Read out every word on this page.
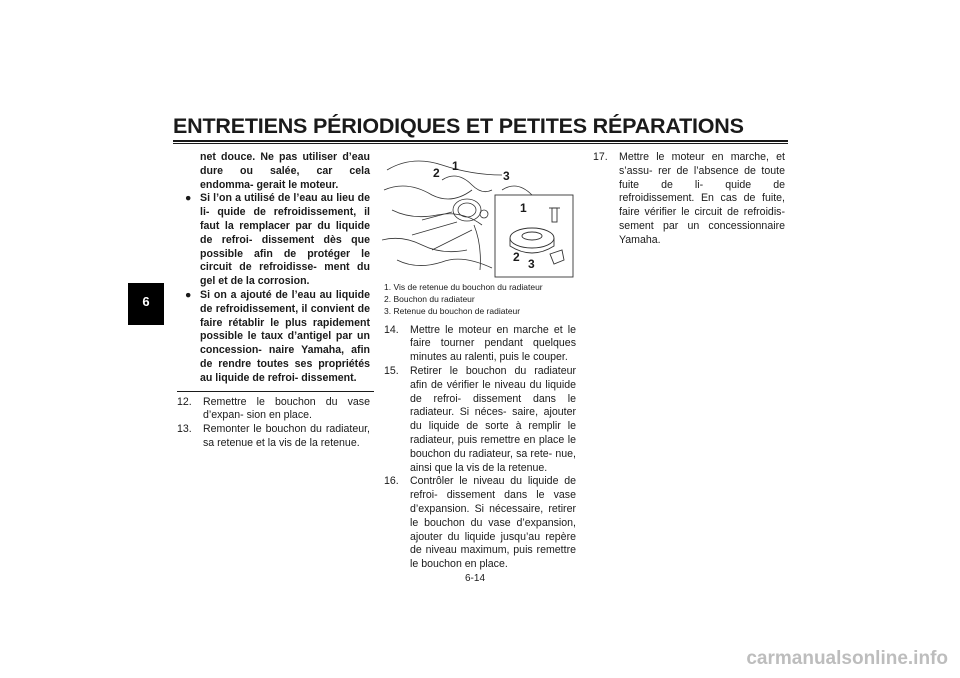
ENTRETIENS PÉRIODIQUES ET PETITES RÉPARATIONS
6

net douce. Ne pas utiliser d’eau dure ou salée, car cela endomma- gerait le moteur.

● Si l’on a utilisé de l’eau au lieu de li- quide de refroidissement, il faut la remplacer par du liquide de refroi- dissement dès que possible afin de protéger le circuit de refroidisse- ment du gel et de la corrosion.
● Si on a ajouté de l’eau au liquide de refroidissement, il convient de faire rétablir le plus rapidement possible le taux d’antigel par un concession- naire Yamaha, afin de rendre toutes ses propriétés au liquide de refroi- dissement.
12. Remettre le bouchon du vase d’expan- sion en place.
13. Remonter le bouchon du radiateur, sa retenue et la vis de la retenue.
2 1
3
1
2 3
1. Vis de retenue du bouchon du radiateur
2. Bouchon du radiateur
3. Retenue du bouchon de radiateur
14. Mettre le moteur en marche et le faire tourner pendant quelques minutes au ralenti, puis le couper.
15. Retirer le bouchon du radiateur afin de vérifier le niveau du liquide de refroi- dissement dans le radiateur. Si néces- saire, ajouter du liquide de sorte à remplir le radiateur, puis remettre en place le bouchon du radiateur, sa rete- nue, ainsi que la vis de la retenue.
16. Contrôler le niveau du liquide de refroi- dissement dans le vase d’expansion. Si nécessaire, retirer le bouchon du vase d’expansion, ajouter du liquide jusqu’au repère de niveau maximum, puis remettre le bouchon en place.
17. Mettre le moteur en marche, et s’assu- rer de l’absence de toute fuite de li- quide de refroidissement. En cas de fuite, faire vérifier le circuit de refroidis- sement par un concessionnaire Yamaha.
6-14
carmanualsonline.info
